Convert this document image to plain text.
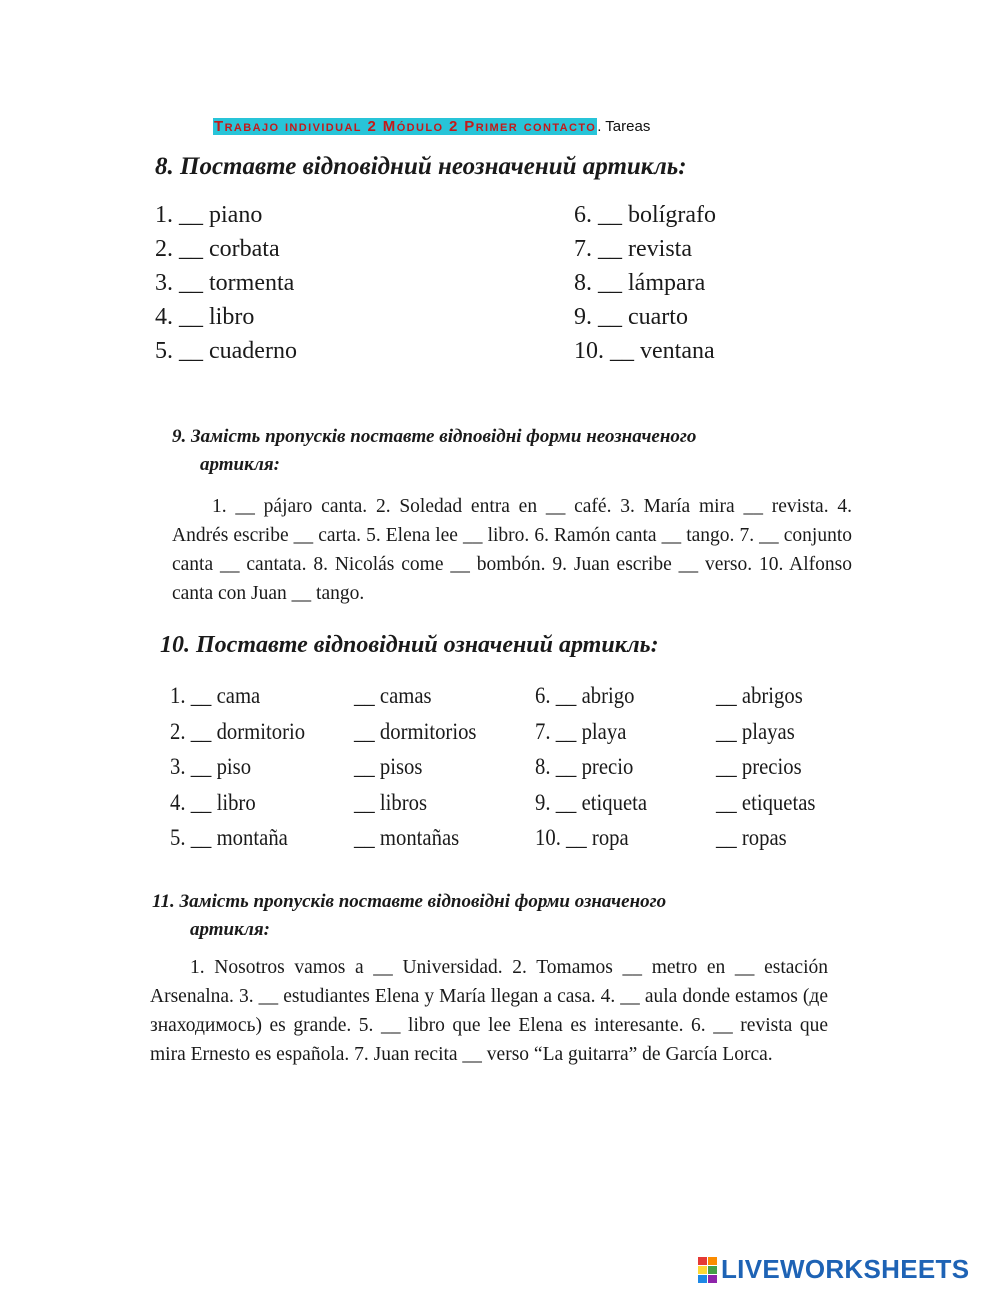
Trabajo individual 2 Módulo 2 Primer contacto. Tareas
8. Поставте відповідний неозначений артикль:
1. __ piano
2. __ corbata
3. __ tormenta
4. __ libro
5. __ cuaderno
6. __ bolígrafo
7. __ revista
8. __ lámpara
9. __ cuarto
10. __ ventana
9. Замість пропусків поставте відповідні форми неозначеного
артикля:
1. __ pájaro canta. 2. Soledad entra en __ café. 3. María mira __ revista. 4. Andrés escribe __ carta. 5. Elena lee __ libro. 6. Ramón canta __ tango. 7. __ conjunto canta __ cantata. 8. Nicolás come __ bombón. 9. Juan escribe __ verso. 10. Alfonso canta con Juan __ tango.
10. Поставте відповідний означений артикль:
1. __ cama
2. __ dormitorio
3. __ piso
4. __ libro
5. __ montaña
__ camas
__ dormitorios
__ pisos
__ libros
__ montañas
6. __ abrigo
7. __ playa
8. __ precio
9. __ etiqueta
10. __ ropa
__ abrigos
__ playas
__ precios
__ etiquetas
__ ropas
11. Замість пропусків поставте відповідні форми означеного
артикля:
1. Nosotros vamos a __ Universidad. 2. Tomamos __ metro en __ estación Arsenalna. 3. __ estudiantes Elena y María llegan a casa. 4. __ aula donde estamos (де знаходимось) es grande. 5. __ libro que lee Elena es interesante. 6. __ revista que mira Ernesto es española. 7. Juan recita __ verso “La guitarra” de García Lorca.
LIVEWORKSHEETS
